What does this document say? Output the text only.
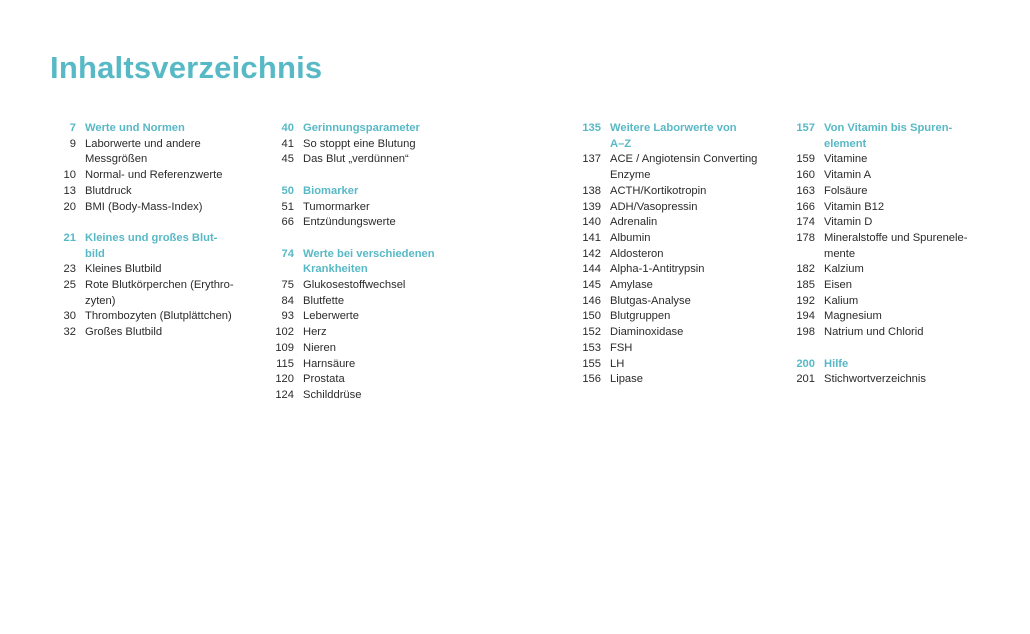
Inhaltsverzeichnis
7 Werte und Normen
9 Laborwerte und andere
Messgrößen
10 Normal- und Referenzwerte
13 Blutdruck
20 BMI (Body-Mass-Index)
21 Kleines und großes Blut-
bild
23 Kleines Blutbild
25 Rote Blutkörperchen (Erythro-
zyten)
30 Thrombozyten (Blutplättchen)
32 Großes Blutbild
40 Gerinnungsparameter
41 So stoppt eine Blutung
45 Das Blut „verdünnen“
50 Biomarker
51 Tumormarker
66 Entzündungswerte
74 Werte bei verschiedenen
Krankheiten
75 Glukosestoffwechsel
84 Blutfette
93 Leberwerte
102 Herz
109 Nieren
115 Harnsäure
120 Prostata
124 Schilddrüse
135 Weitere Laborwerte von
A–Z
137 ACE / Angiotensin Converting
Enzyme
138 ACTH/Kortikotropin
139 ADH/Vasopressin
140 Adrenalin
141 Albumin
142 Aldosteron
144 Alpha-1-Antitrypsin
145 Amylase
146 Blutgas-Analyse
150 Blutgruppen
152 Diaminoxidase
153 FSH
155 LH
156 Lipase
157 Von Vitamin bis Spuren-
element
159 Vitamine
160 Vitamin A
163 Folsäure
166 Vitamin B12
174 Vitamin D
178 Mineralstoffe und Spurenele-
mente
182 Kalzium
185 Eisen
192 Kalium
194 Magnesium
198 Natrium und Chlorid
200 Hilfe
201 Stichwortverzeichnis
